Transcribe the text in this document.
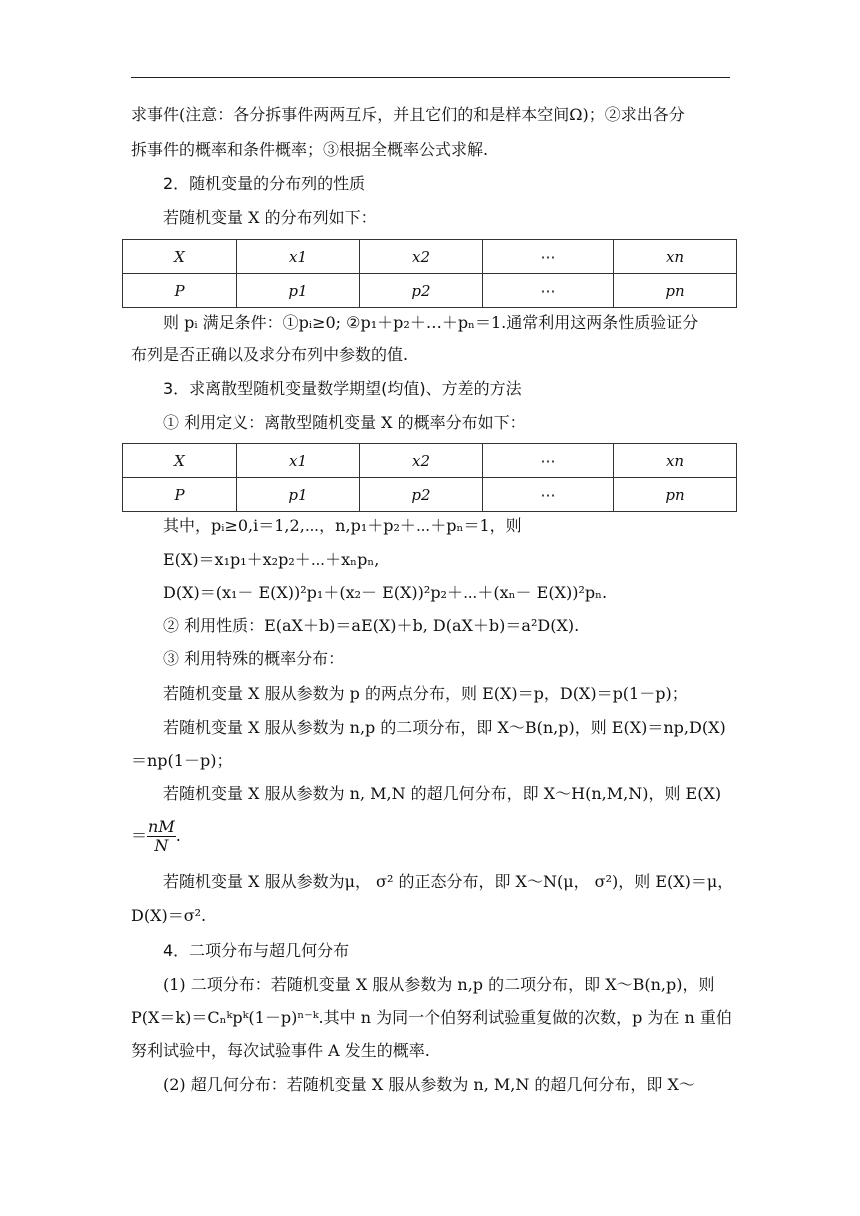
求事件(注意：各分拆事件两两互斥，并且它们的和是样本空间Ω)；②求出各分
拆事件的概率和条件概率；③根据全概率公式求解.
2．随机变量的分布列的性质
若随机变量 X 的分布列如下：
X	x1	x2	⋯	xn
P	p1	p2	⋯	pn
则 pᵢ 满足条件：①pᵢ≥0; ②p₁＋p₂＋…＋pₙ＝1.通常利用这两条性质验证分
布列是否正确以及求分布列中参数的值.
3．求离散型随机变量数学期望(均值)、方差的方法
① 利用定义：离散型随机变量 X 的概率分布如下：
X	x1	x2	⋯	xn
P	p1	p2	⋯	pn
其中，pᵢ≥0,i＝1,2,⋯，n,p₁＋p₂＋⋯＋pₙ＝1，则
E(X)＝x₁p₁＋x₂p₂＋⋯＋xₙpₙ,
D(X)＝(x₁－ E(X))²p₁＋(x₂－ E(X))²p₂＋⋯＋(xₙ－ E(X))²pₙ.
② 利用性质：E(aX＋b)＝aE(X)＋b, D(aX＋b)＝a²D(X).
③ 利用特殊的概率分布：
若随机变量 X 服从参数为 p 的两点分布，则 E(X)＝p，D(X)＝p(1－p)；
若随机变量 X 服从参数为 n,p 的二项分布，即 X～B(n,p)，则 E(X)＝np,D(X)
＝np(1－p)；
若随机变量 X 服从参数为 n, M,N 的超几何分布，即 X～H(n,M,N)，则 E(X)
＝ $\frac{nM}{N}$ .
若随机变量 X 服从参数为μ， σ² 的正态分布，即 X～N(μ， σ²)，则 E(X)＝μ，
D(X)＝σ².
4．二项分布与超几何分布
(1) 二项分布：若随机变量 X 服从参数为 n,p 的二项分布，即 X～B(n,p)，则
P(X＝k)＝Cₙᵏpᵏ(1－p)ⁿ⁻ᵏ.其中 n 为同一个伯努利试验重复做的次数，p 为在 n 重伯
努利试验中，每次试验事件 A 发生的概率.
(2) 超几何分布：若随机变量 X 服从参数为 n, M,N 的超几何分布，即 X～
